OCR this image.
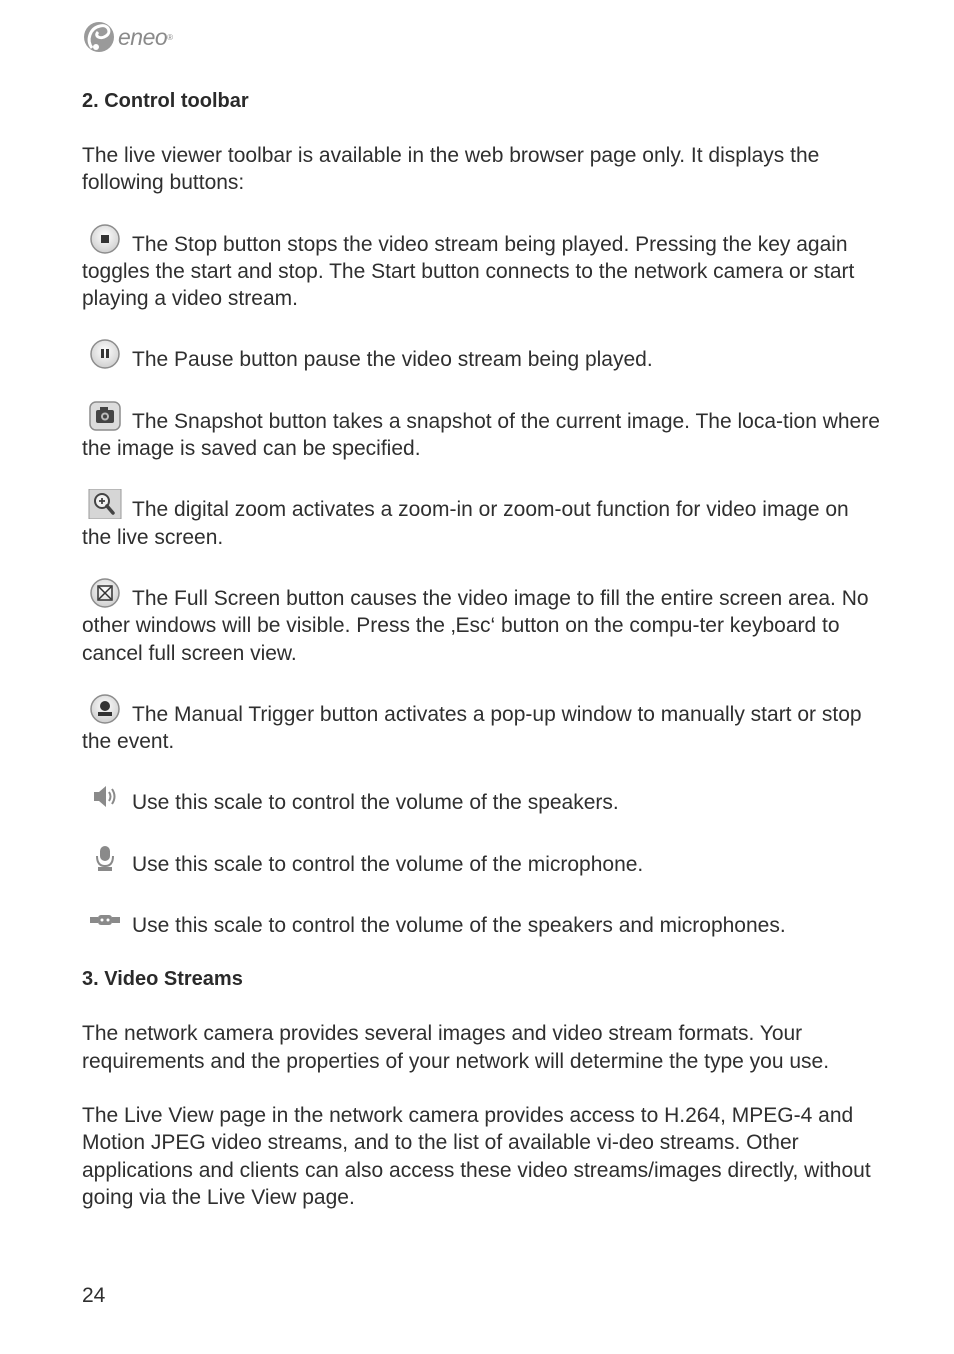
eneo ®
2. Control toolbar

The live viewer toolbar is available in the web browser page only. It displays the following buttons:

The Stop button stops the video stream being played. Pressing the key again toggles the start and stop. The Start button connects to the network camera or start playing a video stream.

The Pause button pause the video stream being played.

The Snapshot button takes a snapshot of the current image. The loca-tion where the image is saved can be specified.

The digital zoom activates a zoom-in or zoom-out function for video image on the live screen.

The Full Screen button causes the video image to fill the entire screen area. No other windows will be visible. Press the ‚Esc‘ button on the compu-ter keyboard to cancel full screen view.

The Manual Trigger button activates a pop-up window to manually start or stop the event.

Use this scale to control the volume of the speakers.

Use this scale to control the volume of the microphone.

Use this scale to control the volume of the speakers and microphones.

3. Video Streams

The network camera provides several images and video stream formats. Your requirements and the properties of your network will determine the type you use.

The Live View page in the network camera provides access to H.264, MPEG-4 and Motion JPEG video streams, and to the list of available vi-deo streams. Other applications and clients can also access these video streams/images directly, without going via the Live View page.

24
